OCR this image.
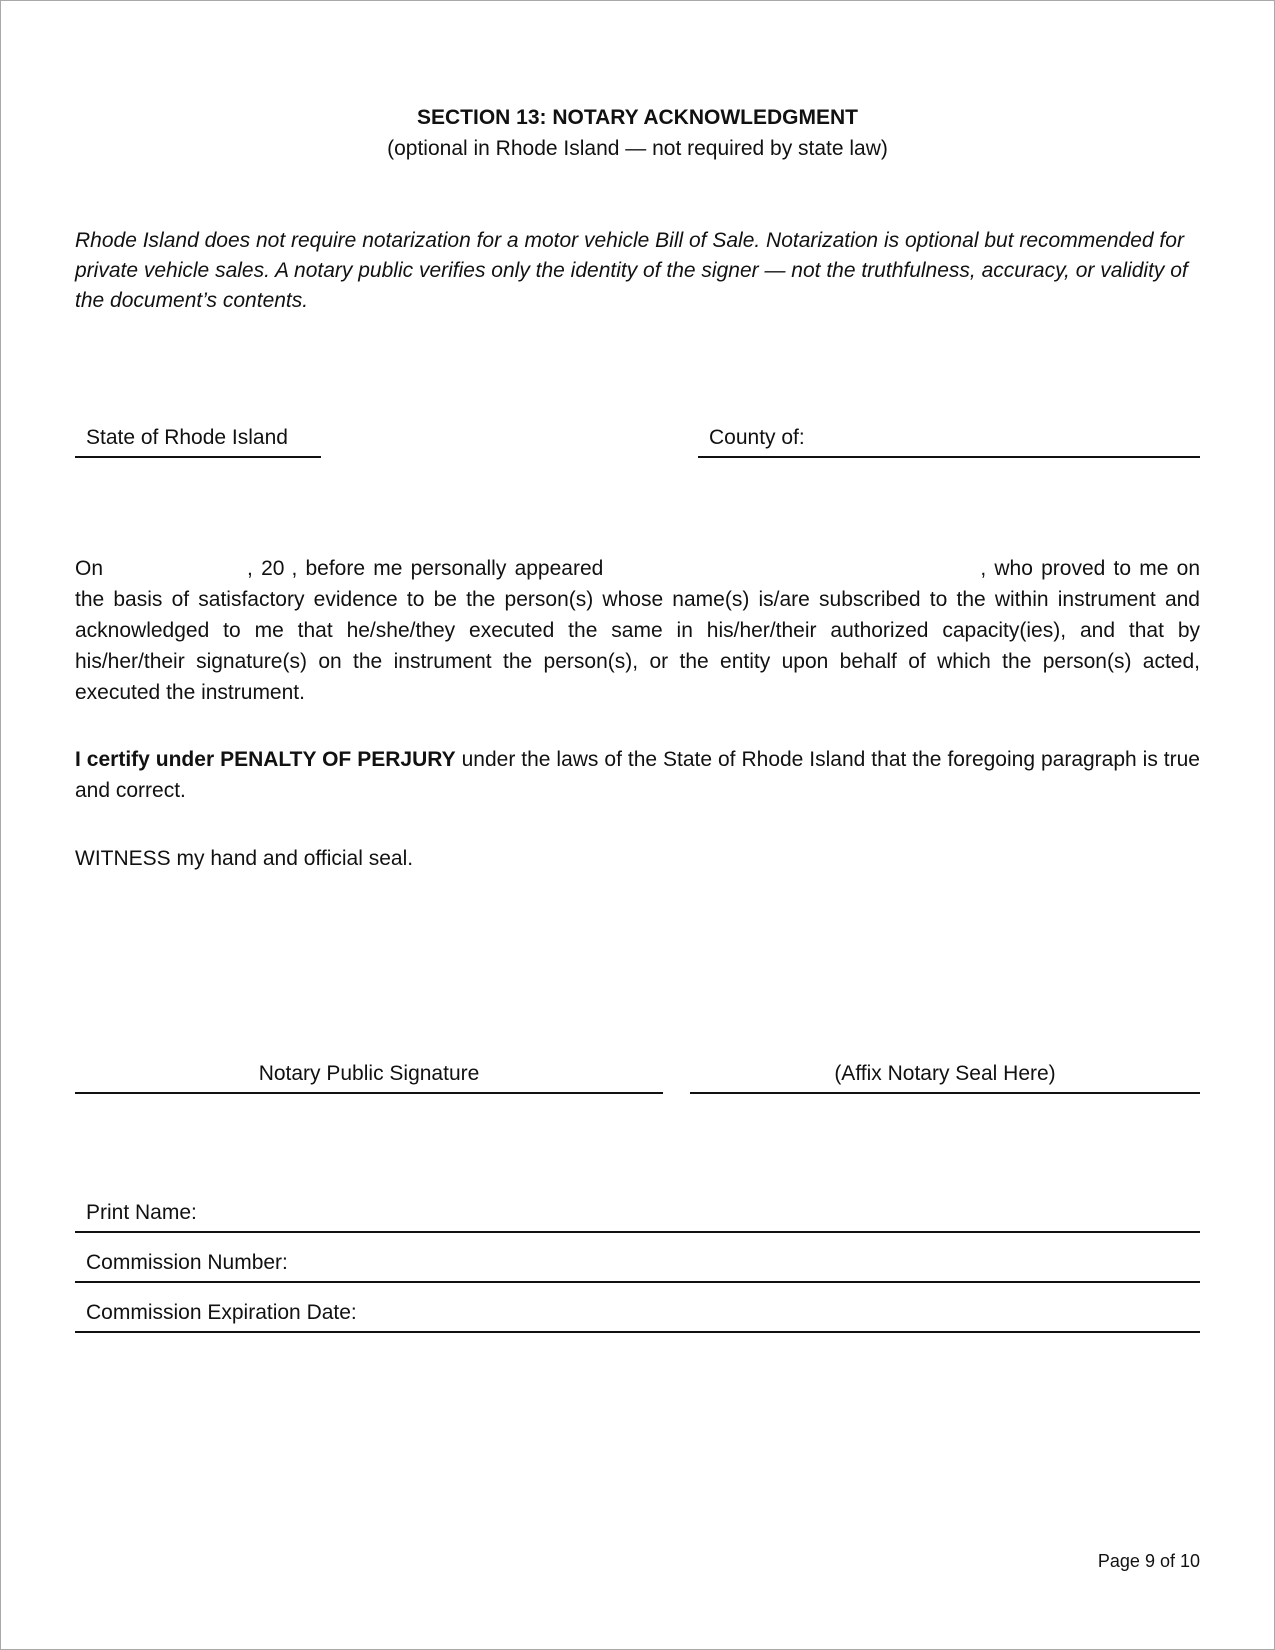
SECTION 13: NOTARY ACKNOWLEDGMENT
(optional in Rhode Island — not required by state law)

Rhode Island does not require notarization for a motor vehicle Bill of Sale. Notarization is optional but recommended for private vehicle sales. A notary public verifies only the identity of the signer — not the truthfulness, accuracy, or validity of the document’s contents.

State of Rhode Island	County of:

On	, 20 , before me personally appeared	, who proved to me on the basis of satisfactory evidence to be the person(s) whose name(s) is/are subscribed to the within instrument and acknowledged to me that he/she/they executed the same in his/her/their authorized capacity(ies), and that by his/her/their signature(s) on the instrument the person(s), or the entity upon behalf of which the person(s) acted, executed the instrument.

I certify under PENALTY OF PERJURY under the laws of the State of Rhode Island that the foregoing paragraph is true and correct.

WITNESS my hand and official seal.

Notary Public Signature	(Affix Notary Seal Here)
Print Name:
Commission Number:
Commission Expiration Date:
Page 9 of 10
